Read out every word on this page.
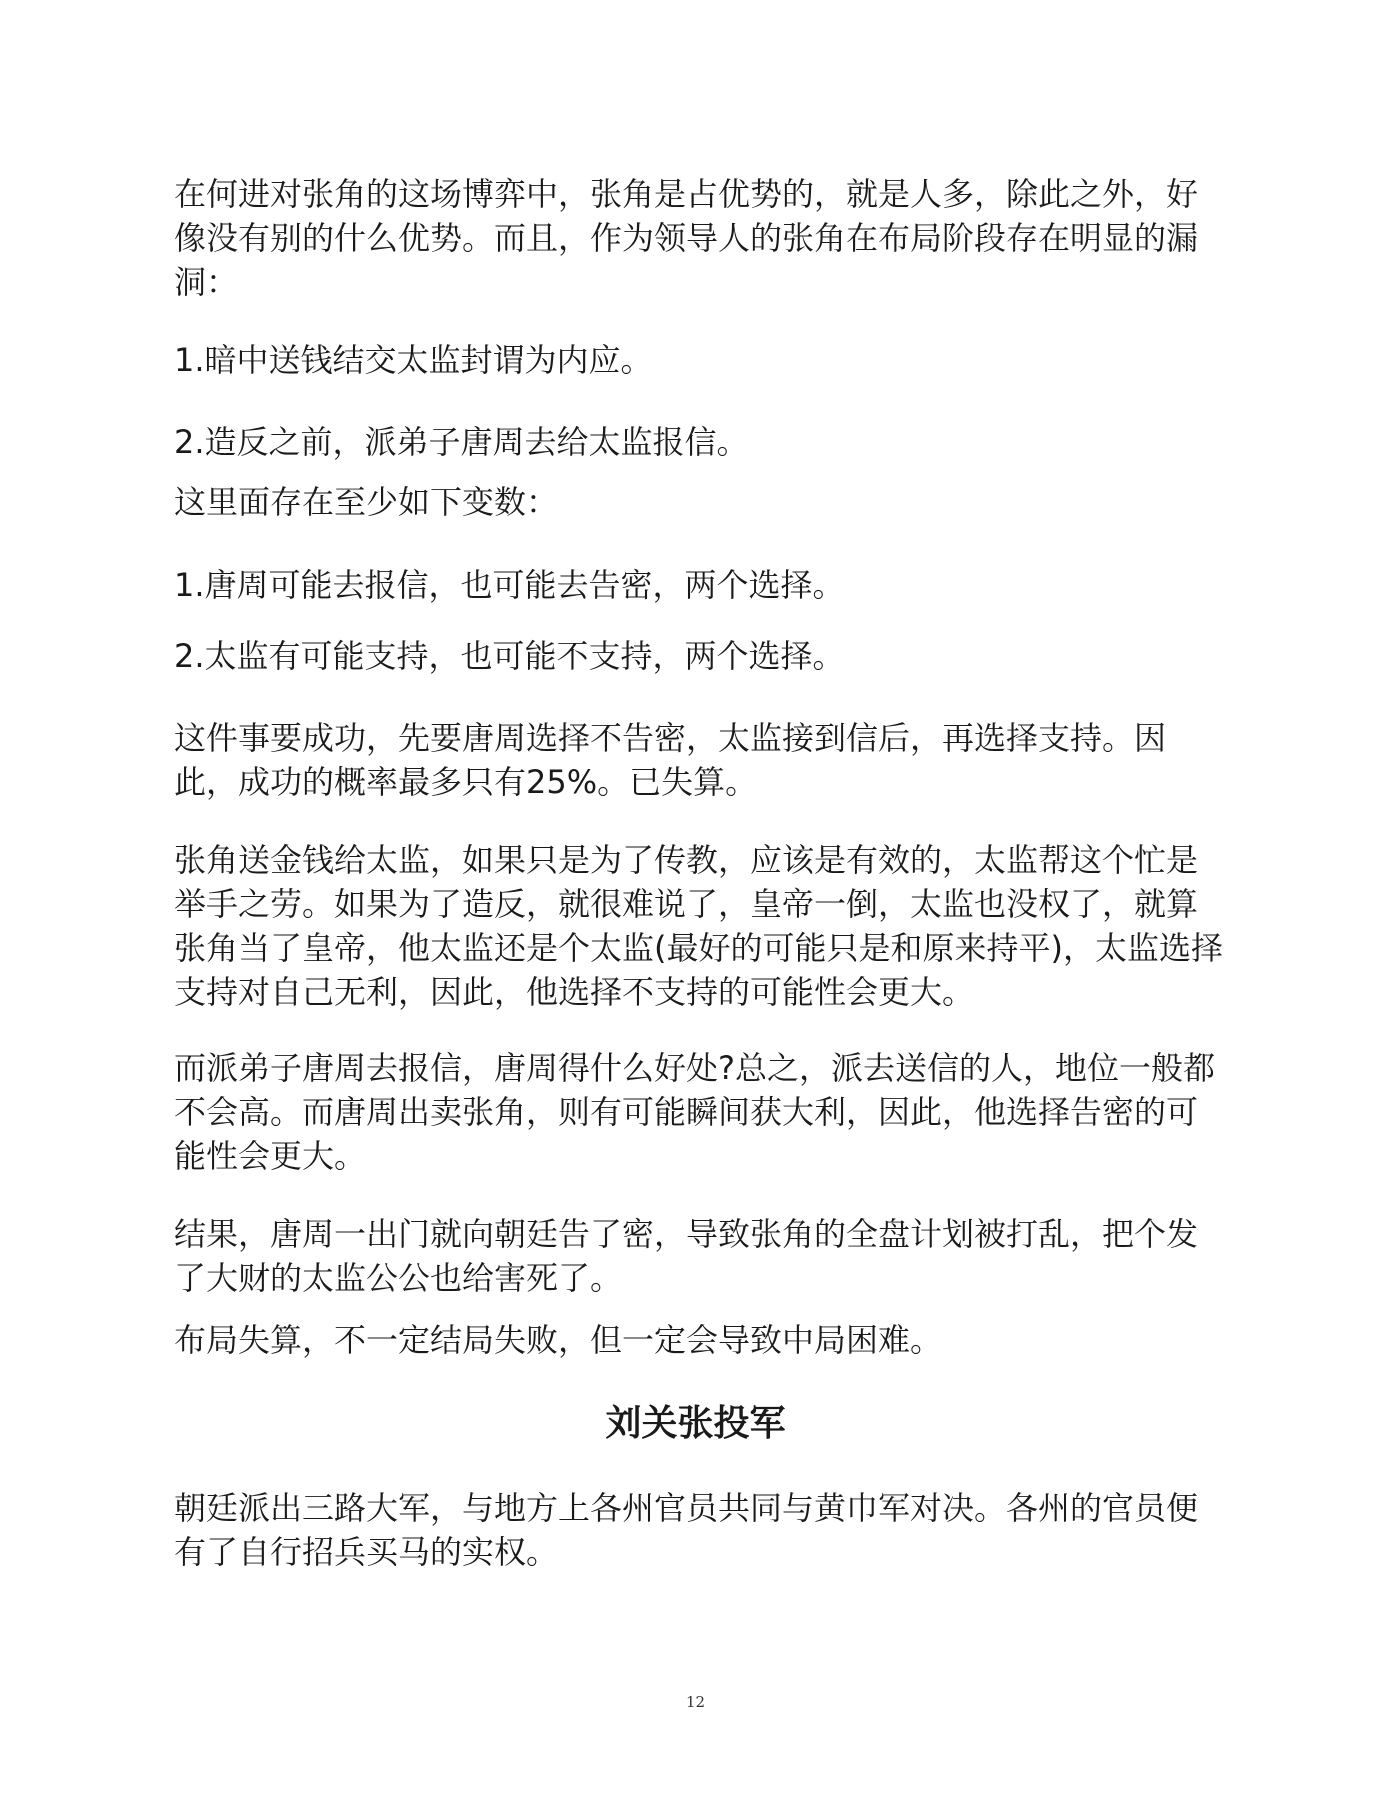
在何进对张角的这场博弈中，张角是占优势的，就是人多，除此之外，好像没有别的什么优势。而且，作为领导人的张角在布局阶段存在明显的漏洞：

1.暗中送钱结交太监封谓为内应。

2.造反之前，派弟子唐周去给太监报信。

这里面存在至少如下变数：

1.唐周可能去报信，也可能去告密，两个选择。

2.太监有可能支持，也可能不支持，两个选择。

这件事要成功，先要唐周选择不告密，太监接到信后，再选择支持。因此，成功的概率最多只有25%。已失算。

张角送金钱给太监，如果只是为了传教，应该是有效的，太监帮这个忙是举手之劳。如果为了造反，就很难说了，皇帝一倒，太监也没权了，就算张角当了皇帝，他太监还是个太监(最好的可能只是和原来持平)，太监选择支持对自己无利，因此，他选择不支持的可能性会更大。

而派弟子唐周去报信，唐周得什么好处?总之，派去送信的人，地位一般都不会高。而唐周出卖张角，则有可能瞬间获大利，因此，他选择告密的可能性会更大。

结果，唐周一出门就向朝廷告了密，导致张角的全盘计划被打乱，把个发了大财的太监公公也给害死了。

布局失算，不一定结局失败，但一定会导致中局困难。

刘关张投军

朝廷派出三路大军，与地方上各州官员共同与黄巾军对决。各州的官员便有了自行招兵买马的实权。

12
